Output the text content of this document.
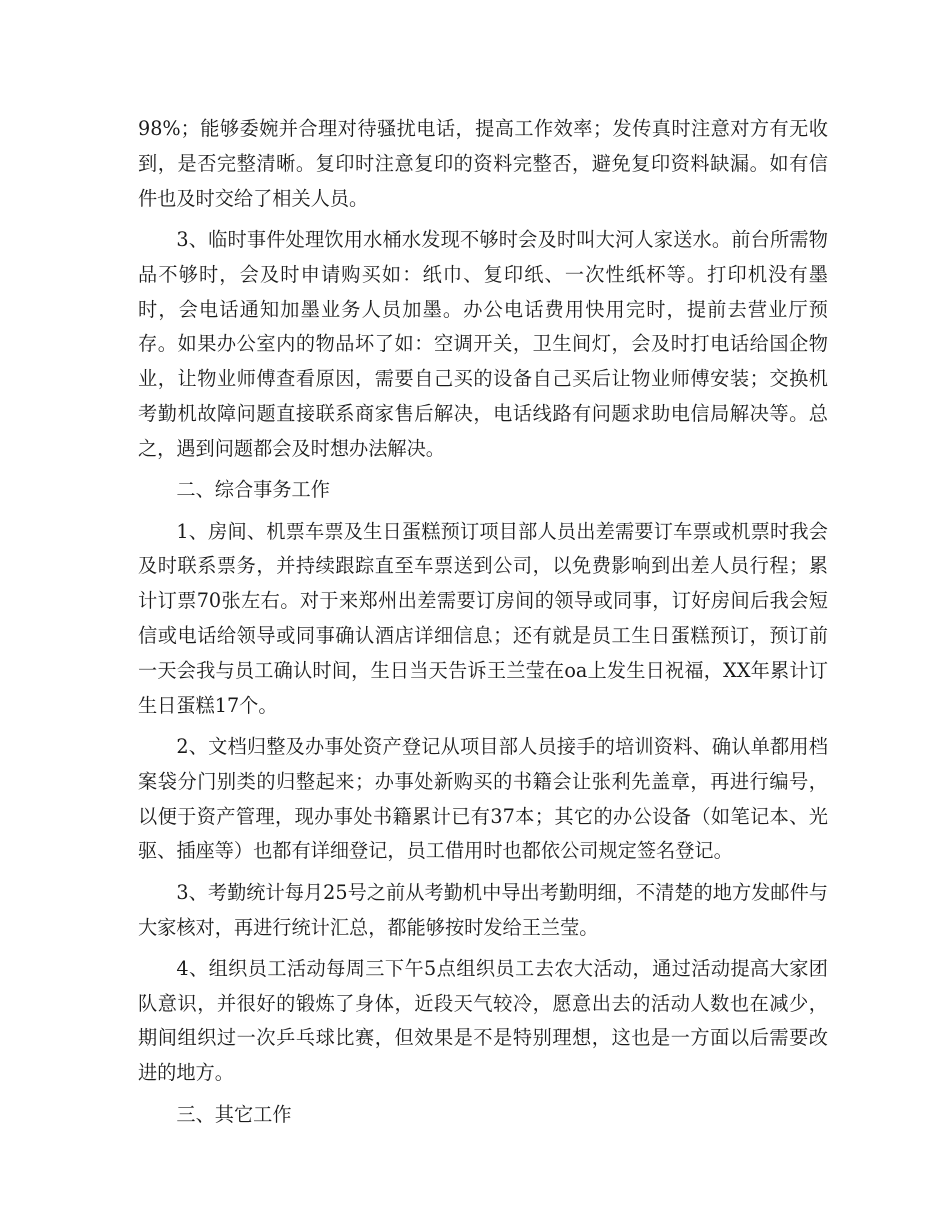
98%；能够委婉并合理对待骚扰电话，提高工作效率；发传真时注意对方有无收到，是否完整清晰。复印时注意复印的资料完整否，避免复印资料缺漏。如有信件也及时交给了相关人员。

3、临时事件处理饮用水桶水发现不够时会及时叫大河人家送水。前台所需物品不够时，会及时申请购买如：纸巾、复印纸、一次性纸杯等。打印机没有墨时，会电话通知加墨业务人员加墨。办公电话费用快用完时，提前去营业厅预存。如果办公室内的物品坏了如：空调开关，卫生间灯，会及时打电话给国企物业，让物业师傅查看原因，需要自己买的设备自己买后让物业师傅安装；交换机考勤机故障问题直接联系商家售后解决，电话线路有问题求助电信局解决等。总之，遇到问题都会及时想办法解决。

二、综合事务工作

1、房间、机票车票及生日蛋糕预订项目部人员出差需要订车票或机票时我会及时联系票务，并持续跟踪直至车票送到公司，以免费影响到出差人员行程；累计订票70张左右。对于来郑州出差需要订房间的领导或同事，订好房间后我会短信或电话给领导或同事确认酒店详细信息；还有就是员工生日蛋糕预订，预订前一天会我与员工确认时间，生日当天告诉王兰莹在oa上发生日祝福，XX年累计订生日蛋糕17个。

2、文档归整及办事处资产登记从项目部人员接手的培训资料、确认单都用档案袋分门别类的归整起来；办事处新购买的书籍会让张利先盖章，再进行编号，以便于资产管理，现办事处书籍累计已有37本；其它的办公设备（如笔记本、光驱、插座等）也都有详细登记，员工借用时也都依公司规定签名登记。

3、考勤统计每月25号之前从考勤机中导出考勤明细，不清楚的地方发邮件与大家核对，再进行统计汇总，都能够按时发给王兰莹。

4、组织员工活动每周三下午5点组织员工去农大活动，通过活动提高大家团队意识，并很好的锻炼了身体，近段天气较冷，愿意出去的活动人数也在减少，期间组织过一次乒乓球比赛，但效果是不是特别理想，这也是一方面以后需要改进的地方。

三、其它工作
